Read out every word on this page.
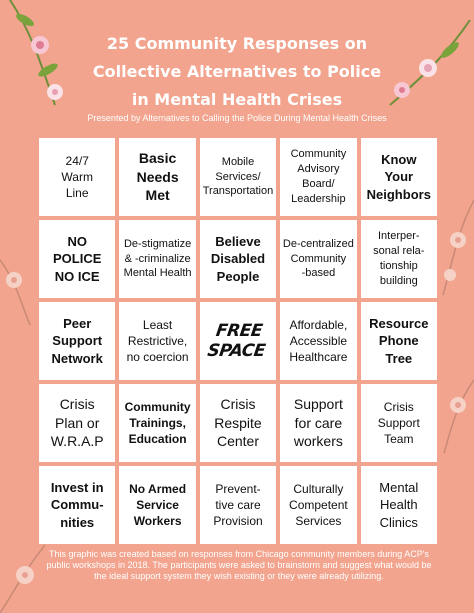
25 Community Responses on
Collective Alternatives to Police
in Mental Health Crises
Presented by Alternatives to Calling the Police During Mental Health Crises
24/7
Warm
Line
Basic
Needs
Met
Mobile
Services/
Transportation
Community
Advisory
Board/
Leadership
Know
Your
Neighbors
NO
POLICE
NO ICE
De-stigmatize
& -criminalize
Mental Health
Believe
Disabled
People
De-centralized
Community
-based
Interper-
sonal rela-
tionship
building
Peer
Support
Network
Least
Restrictive,
no coercion
FREE
SPACE
Affordable,
Accessible
Healthcare
Resource
Phone
Tree
Crisis
Plan or
W.R.A.P
Community
Trainings,
Education
Crisis
Respite
Center
Support
for care
workers
Crisis
Support
Team
Invest in
Commu-
nities
No Armed
Service
Workers
Prevent-
tive care
Provision
Culturally
Competent
Services
Mental
Health
Clinics
This graphic was created based on responses from Chicago community members during ACP's public workshops in 2018. The participants were asked to brainstorm and suggest what would be the ideal support system they wish existing or they were already utilizing.
